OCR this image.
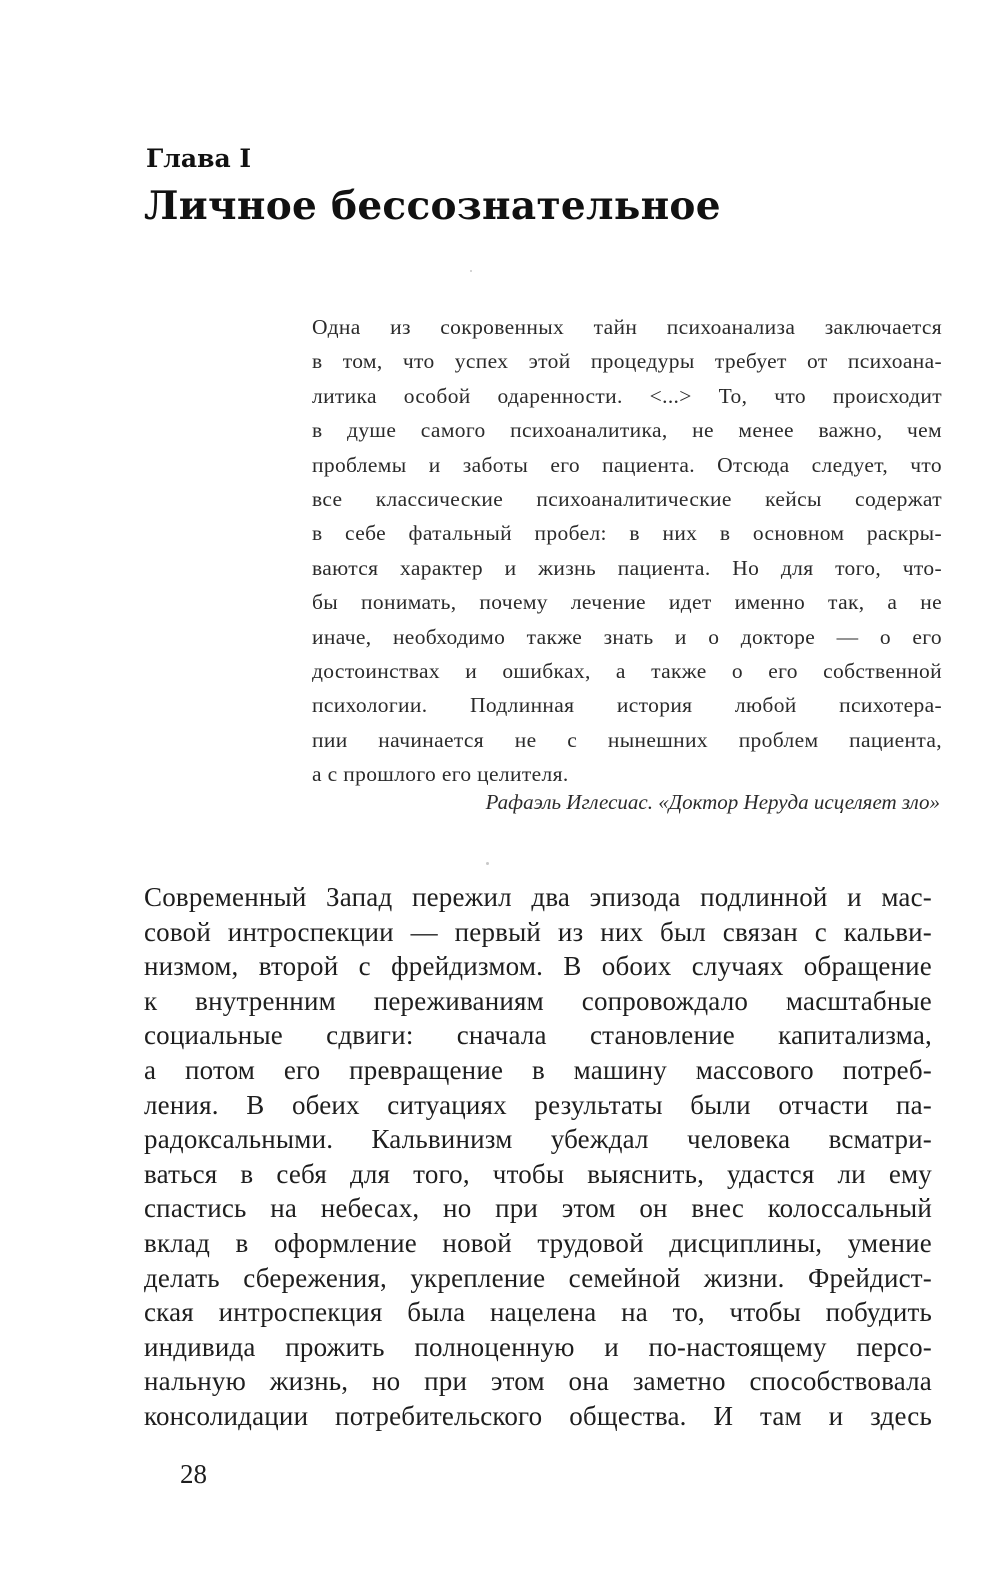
Глава I
Личное бессознательное
Одна из сокровенных тайн психоанализа заключается
в том, что успех этой процедуры требует от психоана-
литика особой одаренности. <...> То, что происходит
в душе самого психоаналитика, не менее важно, чем
проблемы и заботы его пациента. Отсюда следует, что
все классические психоаналитические кейсы содержат
в себе фатальный пробел: в них в основном раскры-
ваются характер и жизнь пациента. Но для того, что-
бы понимать, почему лечение идет именно так, а не
иначе, необходимо также знать и о докторе — о его
достоинствах и ошибках, а также о его собственной
психологии. Подлинная история любой психотера-
пии начинается не с нынешних проблем пациента,
а с прошлого его целителя.
Рафаэль Иглесиас. «Доктор Неруда исцеляет зло»
Современный Запад пережил два эпизода подлинной и мас-
совой интроспекции — первый из них был связан с кальви-
низмом, второй с фрейдизмом. В обоих случаях обращение
к внутренним переживаниям сопровождало масштабные
социальные сдвиги: сначала становление капитализма,
а потом его превращение в машину массового потреб-
ления. В обеих ситуациях результаты были отчасти па-
радоксальными. Кальвинизм убеждал человека всматри-
ваться в себя для того, чтобы выяснить, удастся ли ему
спастись на небесах, но при этом он внес колоссальный
вклад в оформление новой трудовой дисциплины, умение
делать сбережения, укрепление семейной жизни. Фрейдист-
ская интроспекция была нацелена на то, чтобы побудить
индивида прожить полноценную и по-настоящему персо-
нальную жизнь, но при этом она заметно способствовала
консолидации потребительского общества. И там и здесь
28
